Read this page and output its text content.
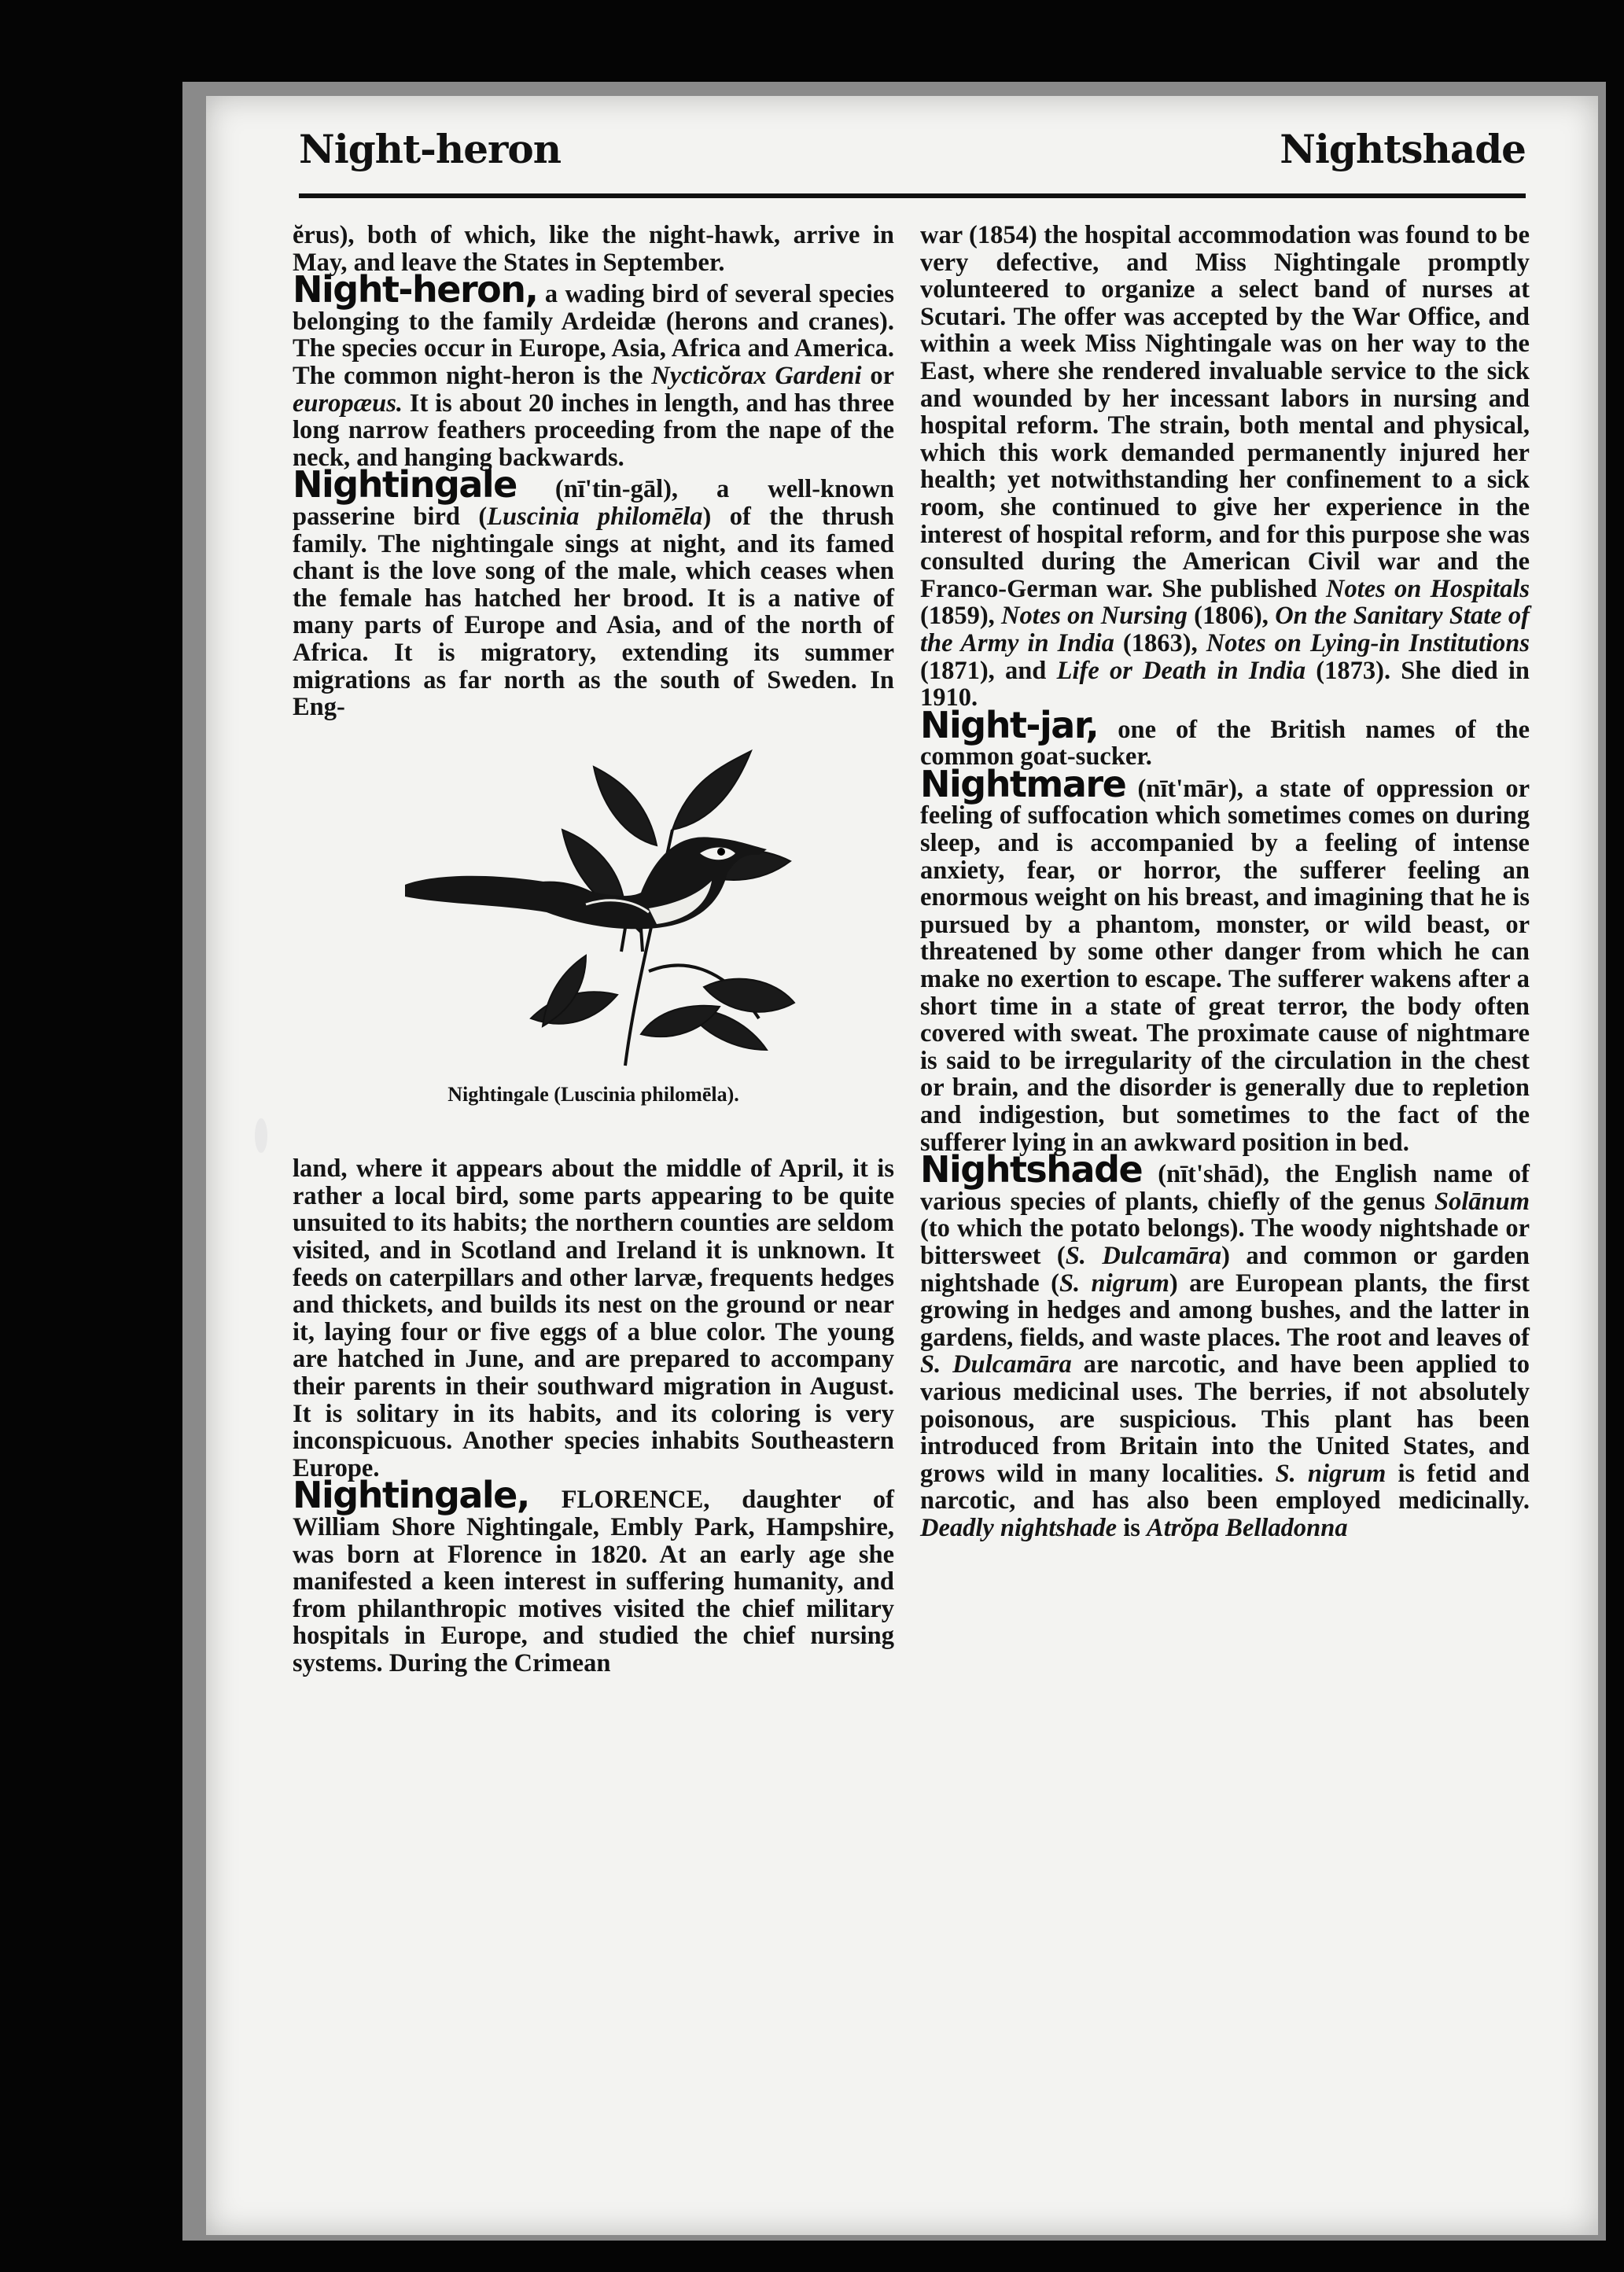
Night-heron	Nightshade

ĕrus), both of which, like the night-hawk, arrive in May, and leave the States in September.

Night-heron, a wading bird of several species belonging to the family Ardeidæ (herons and cranes). The species occur in Europe, Asia, Africa and America. The common night-heron is the Nycticŏrax Gardeni or europæus. It is about 20 inches in length, and has three long narrow feathers proceeding from the nape of the neck, and hanging backwards.

Nightingale (nī'tin-gāl), a well-known passerine bird (Luscinia philomēla) of the thrush family. The nightingale sings at night, and its famed chant is the love song of the male, which ceases when the female has hatched her brood. It is a native of many parts of Europe and Asia, and of the north of Africa. It is migratory, extending its summer migrations as far north as the south of Sweden. In Eng-

Nightingale (Luscinia philomēla).

land, where it appears about the middle of April, it is rather a local bird, some parts appearing to be quite unsuited to its habits; the northern counties are seldom visited, and in Scotland and Ireland it is unknown. It feeds on caterpillars and other larvæ, frequents hedges and thickets, and builds its nest on the ground or near it, laying four or five eggs of a blue color. The young are hatched in June, and are prepared to accompany their parents in their southward migration in August. It is solitary in its habits, and its coloring is very inconspicuous. Another species inhabits Southeastern Europe.

Nightingale, FLORENCE, daughter of William Shore Nightingale, Embly Park, Hampshire, was born at Florence in 1820. At an early age she manifested a keen interest in suffering humanity, and from philanthropic motives visited the chief military hospitals in Europe, and studied the chief nursing systems. During the Crimean

war (1854) the hospital accommodation was found to be very defective, and Miss Nightingale promptly volunteered to organize a select band of nurses at Scutari. The offer was accepted by the War Office, and within a week Miss Nightingale was on her way to the East, where she rendered invaluable service to the sick and wounded by her incessant labors in nursing and hospital reform. The strain, both mental and physical, which this work demanded permanently injured her health; yet notwithstanding her confinement to a sick room, she continued to give her experience in the interest of hospital reform, and for this purpose she was consulted during the American Civil war and the Franco-German war. She published Notes on Hospitals (1859), Notes on Nursing (1806), On the Sanitary State of the Army in India (1863), Notes on Lying-in Institutions (1871), and Life or Death in India (1873). She died in 1910.

Night-jar, one of the British names of the common goat-sucker.

Nightmare (nīt'mār), a state of oppression or feeling of suffocation which sometimes comes on during sleep, and is accompanied by a feeling of intense anxiety, fear, or horror, the sufferer feeling an enormous weight on his breast, and imagining that he is pursued by a phantom, monster, or wild beast, or threatened by some other danger from which he can make no exertion to escape. The sufferer wakens after a short time in a state of great terror, the body often covered with sweat. The proximate cause of nightmare is said to be irregularity of the circulation in the chest or brain, and the disorder is generally due to repletion and indigestion, but sometimes to the fact of the sufferer lying in an awkward position in bed.

Nightshade (nīt'shād), the English name of various species of plants, chiefly of the genus Solānum (to which the potato belongs). The woody nightshade or bittersweet (S. Dulcamāra) and common or garden nightshade (S. nigrum) are European plants, the first growing in hedges and among bushes, and the latter in gardens, fields, and waste places. The root and leaves of S. Dulcamāra are narcotic, and have been applied to various medicinal uses. The berries, if not absolutely poisonous, are suspicious. This plant has been introduced from Britain into the United States, and grows wild in many localities. S. nigrum is fetid and narcotic, and has also been employed medicinally. Deadly nightshade is Atrŏpa Belladonna
